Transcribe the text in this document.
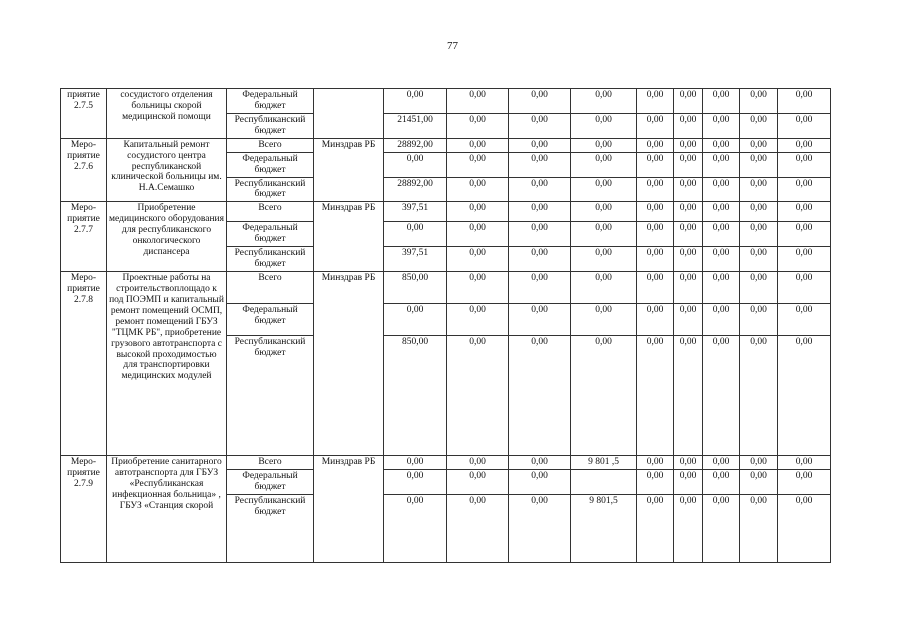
77
приятие 2.7.5	сосудистого отделения больницы скорой медицинской помощи	Федеральный бюджет		0,00	0,00	0,00	0,00	0,00	0,00	0,00	0,00	0,00
		Республиканский бюджет		21451,00	0,00	0,00	0,00	0,00	0,00	0,00	0,00	0,00
Меро-приятие 2.7.6	Капитальный ремонт сосудистого центра республиканской клинической больницы им. Н.А.Семашко	Всего	Минздрав РБ	28892,00	0,00	0,00	0,00	0,00	0,00	0,00	0,00	0,00
		Федеральный бюджет		0,00	0,00	0,00	0,00	0,00	0,00	0,00	0,00	0,00
		Республиканский бюджет		28892,00	0,00	0,00	0,00	0,00	0,00	0,00	0,00	0,00
Меро-приятие 2.7.7	Приобретение медицинского оборудования для республиканского онкологического диспансера	Всего	Минздрав РБ	397,51	0,00	0,00	0,00	0,00	0,00	0,00	0,00	0,00
		Федеральный бюджет		0,00	0,00	0,00	0,00	0,00	0,00	0,00	0,00	0,00
		Республиканский бюджет		397,51	0,00	0,00	0,00	0,00	0,00	0,00	0,00	0,00
Меро-приятие 2.7.8	Проектные работы на строительствоплощадо к под ПОЭМП и капитальный ремонт помещений ОСМП, ремонт помещений ГБУЗ "ТЦМК РБ", приобретение грузового автотранспорта с высокой проходимостью для транспортировки медицинских модулей	Всего	Минздрав РБ	850,00	0,00	0,00	0,00	0,00	0,00	0,00	0,00	0,00
		Федеральный бюджет		0,00	0,00	0,00	0,00	0,00	0,00	0,00	0,00	0,00
		Республиканский бюджет		850,00	0,00	0,00	0,00	0,00	0,00	0,00	0,00	0,00
Меро-приятие 2.7.9	Приобретение санитарного автотранспорта для ГБУЗ «Республиканская инфекционная больница» , ГБУЗ «Станция скорой	Всего	Минздрав РБ	0,00	0,00	0,00	9 801 ,5	0,00	0,00	0,00	0,00	0,00
		Федеральный бюджет		0,00	0,00	0,00		0,00	0,00	0,00	0,00	0,00
		Республиканский бюджет		0,00	0,00	0,00	9 801,5	0,00	0,00	0,00	0,00	0,00
